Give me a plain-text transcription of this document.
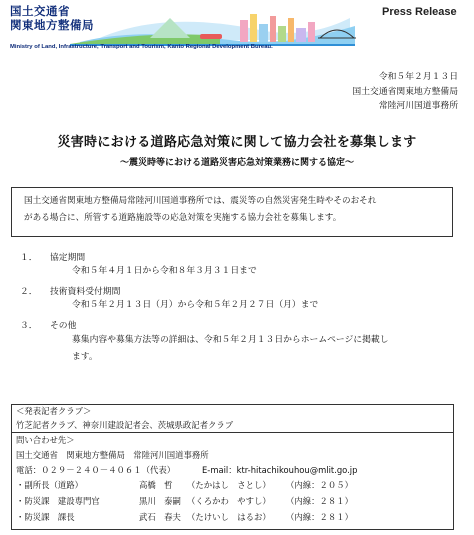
国土交通省
関東地方整備局
Press Release
Ministry of Land, Infrastructure, Transport and Tourism, Kanto Regional Development Bureau.
令和５年２月１３日
国土交通省関東地方整備局
常陸河川国道事務所
災害時における道路応急対策に関して協力会社を募集します
～震災時等における道路災害応急対策業務に関する協定～
国土交通省関東地方整備局常陸河川国道事務所では、震災等の自然災害発生時やそのおそれ
がある場合に、所管する道路施設等の応急対策を実施する協力会社を募集します。
１． 協定期間
令和５年４月１日から令和８年３月３１日まで
２． 技術資料受付期間
令和５年２月１３日（月）から令和５年２月２７日（月）まで
３． その他
募集内容や募集方法等の詳細は、令和５年２月１３日からホームページに掲載し
ます。
＜発表記者クラブ＞
竹芝記者クラブ、神奈川建設記者会、茨城県政記者クラブ
問い合わせ先＞
国土交通省　関東地方整備局　常陸河川国道事務所
電話：０２９－２４０－４０６１（代表）	E-mail：ktr-hitachikouhou@mlit.go.jp
・副所長（道路）	高橋　哲 （たかはし　さとし） （内線：２０５）
・防災課　建設専門官	黒川　泰嗣 （くろかわ　やすし） （内線：２８１）
・防災課　課長	武石　春夫 （たけいし　はるお） （内線：２８１）
